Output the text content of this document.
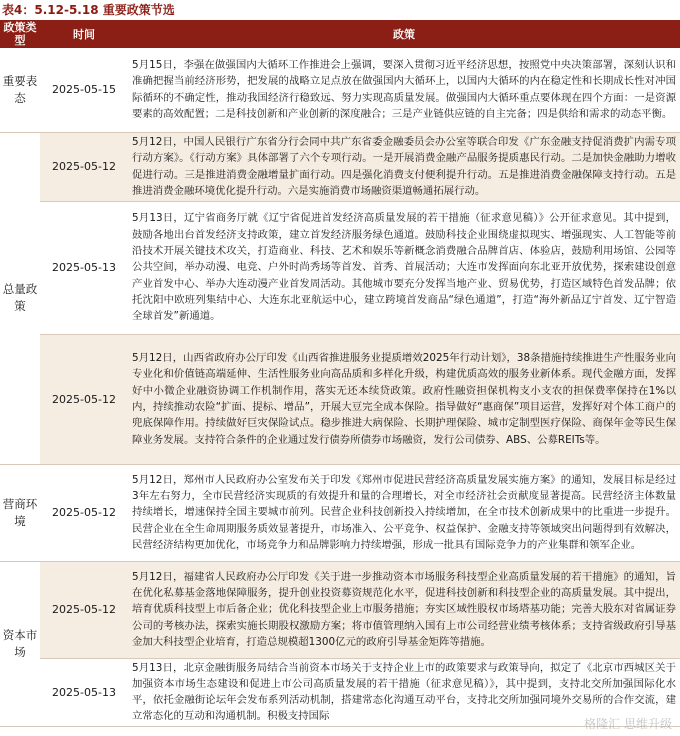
表4：5.12-5.18 重要政策节选
政策类型	时间	政策
重要表态	2025-05-15	5月15日，李强在做强国内大循环工作推进会上强调，要深入贯彻习近平经济思想，按照党中央决策部署，深刻认识和准确把握当前经济形势，把发展的战略立足点放在做强国内大循环上，以国内大循环的内在稳定性和长期成长性对冲国际循环的不确定性，推动我国经济行稳致远、努力实现高质量发展。做强国内大循环重点要体现在四个方面：一是资源要素的高效配置；二是科技创新和产业创新的深度融合；三是产业链供应链的自主完备；四是供给和需求的动态平衡。
总量政策	2025-05-12	5月12日，中国人民银行广东省分行会同中共广东省委金融委员会办公室等联合印发《广东金融支持促消费扩内需专项行动方案》。《行动方案》具体部署了六个专项行动。一是开展消费金融产品服务提质惠民行动。二是加快金融助力增收促进行动。三是推进消费金融增量扩面行动。四是强化消费支付便利提升行动。五是推进消费金融保障支持行动。五是推进消费金融环境优化提升行动。六是实施消费市场融资渠道畅通拓展行动。
	2025-05-13	5月13日，辽宁省商务厅就《辽宁省促进首发经济高质量发展的若干措施（征求意见稿）》公开征求意见。其中提到，鼓励各地出台首发经济支持政策，建立首发经济服务绿色通道。鼓励科技企业围绕虚拟现实、增强现实、人工智能等前沿技术开展关键技术攻关，打造商业、科技、艺术和娱乐等新概念消费融合品牌首店、体验店，鼓励利用场馆、公园等公共空间，举办动漫、电竞、户外时尚秀场等首发、首秀、首展活动；大连市发挥面向东北亚开放优势，探索建设创意产业首发中心、举办大连动漫产业首发周活动。其他城市要充分发挥当地产业、贸易优势，打造区域特色首发品牌；依托沈阳中欧班列集结中心、大连东北亚航运中心，建立跨境首发商品“绿色通道”，打造“海外新品辽宁首发、辽宁智造全球首发”新通道。
	2025-05-12	5月12日，山西省政府办公厅印发《山西省推进服务业提质增效2025年行动计划》，38条措施持续推进生产性服务业向专业化和价值链高端延伸、生活性服务业向高品质和多样化升级，构建优质高效的服务业新体系。现代金融方面，发挥好中小微企业融资协调工作机制作用，落实无还本续贷政策。政府性融资担保机构支小支农的担保费率保持在1%以内，持续推动农险“扩面、提标、增品”，开展大豆完全成本保险。指导做好“惠商保”项目运营，发挥好对个体工商户的兜底保障作用。持续做好巨灾保险试点。稳步推进大病保险、长期护理保险、城市定制型医疗保险、商保年金等民生保障业务发展。支持符合条件的企业通过发行债券所债券市场融资，发行公司债券、ABS、公募REITs等。
营商环境	2025-05-12	5月12日，郑州市人民政府办公室发布关于印发《郑州市促进民营经济高质量发展实施方案》的通知，发展目标是经过3年左右努力，全市民营经济实现质的有效提升和量的合理增长，对全市经济社会贡献度显著提高。民营经济主体数量持续增长，增速保持全国主要城市前列。民营企业科技创新投入持续增加，在全市技术创新成果中的比重进一步提升。民营企业在全生命周期服务质效显著提升，市场准入、公平竞争、权益保护、金融支持等领域突出问题得到有效解决，民营经济结构更加优化，市场竞争力和品牌影响力持续增强，形成一批具有国际竞争力的产业集群和领军企业。
资本市场	2025-05-12	5月12日，福建省人民政府办公厅印发《关于进一步推动资本市场服务科技型企业高质量发展的若干措施》的通知，旨在优化私募基金落地保障服务，提升创业投资募资规范化水平，促进科技创新和科技型企业的高质量发展。其中提出，培育优质科技型上市后备企业；优化科技型企业上市服务措施；夯实区域性股权市场塔基功能；完善大股东对省属证券公司的考核办法，探索实施长期股权激励方案；将市值管理纳入国有上市公司经营业绩考核体系；支持省级政府引导基金加大科技型企业培育，打造总规模超1300亿元的政府引导基金矩阵等措施。
	2025-05-13	5月13日，北京金融街服务局结合当前资本市场关于支持企业上市的政策要求与政策导向，拟定了《北京市西城区关于加强资本市场生态建设和促进上市公司高质量发展的若干措施（征求意见稿）》，其中提到，支持北交所加强国际化水平，依托金融街论坛年会发布系列活动机制，搭建常态化沟通互动平台，支持北交所加强同境外交易所的合作交流，建立常态化的互动和沟通机制。积极支持国际
格隆汇 思维升级
